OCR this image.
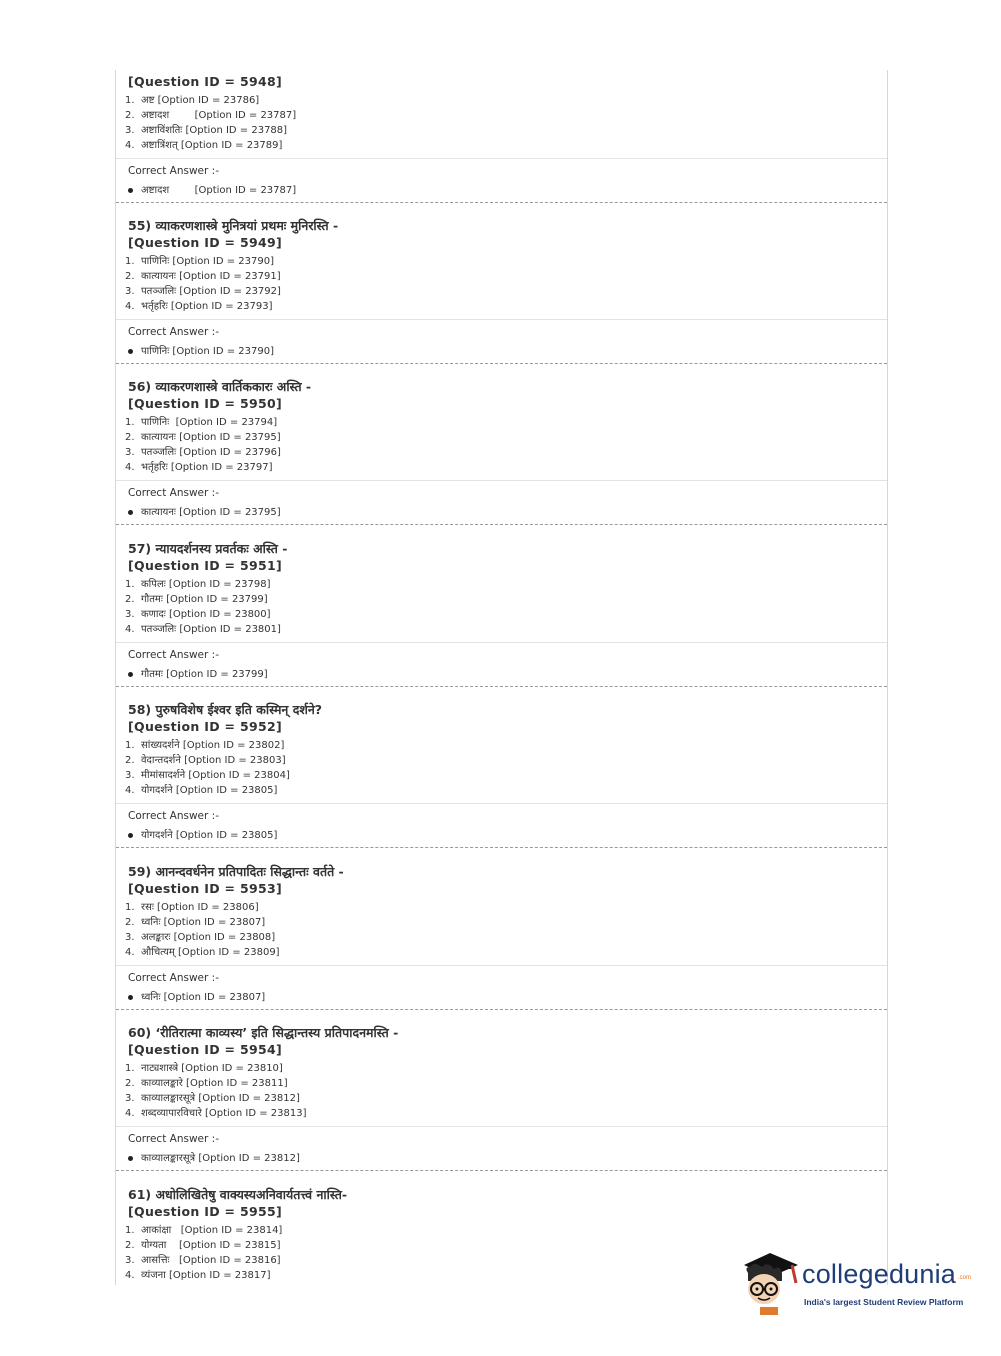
[Question ID = 5948]
1. अष्ट [Option ID = 23786]
2. अष्टादश        [Option ID = 23787]
3. अष्टाविंशतिः [Option ID = 23788]
4. अष्टात्रिंशत् [Option ID = 23789]
Correct Answer :-
अष्टादश        [Option ID = 23787]
55) व्याकरणशास्त्रे मुनित्रयां प्रथमः मुनिरस्ति -
[Question ID = 5949]
1. पाणिनिः [Option ID = 23790]
2. कात्यायनः [Option ID = 23791]
3. पतञ्जलिः [Option ID = 23792]
4. भर्तृहरिः [Option ID = 23793]
Correct Answer :-
पाणिनिः [Option ID = 23790]
56) व्याकरणशास्त्रे वार्तिककारः अस्ति -
[Question ID = 5950]
1. पाणिनिः  [Option ID = 23794]
2. कात्यायनः [Option ID = 23795]
3. पतञ्जलिः [Option ID = 23796]
4. भर्तृहरिः [Option ID = 23797]
Correct Answer :-
कात्यायनः [Option ID = 23795]
57) न्यायदर्शनस्य प्रवर्तकः अस्ति -
[Question ID = 5951]
1. कपिलः [Option ID = 23798]
2. गौतमः [Option ID = 23799]
3. कणादः [Option ID = 23800]
4. पतञ्जलिः [Option ID = 23801]
Correct Answer :-
गौतमः [Option ID = 23799]
58) पुरुषविशेष ईश्वर इति कस्मिन् दर्शने?
[Question ID = 5952]
1. सांख्यदर्शने [Option ID = 23802]
2. वेदान्तदर्शने [Option ID = 23803]
3. मीमांसादर्शने [Option ID = 23804]
4. योगदर्शने [Option ID = 23805]
Correct Answer :-
योगदर्शने [Option ID = 23805]
59) आनन्दवर्धनेन प्रतिपादितः सिद्धान्तः वर्तते -
[Question ID = 5953]
1. रसः [Option ID = 23806]
2. ध्वनिः [Option ID = 23807]
3. अलङ्कारः [Option ID = 23808]
4. औचित्यम् [Option ID = 23809]
Correct Answer :-
ध्वनिः [Option ID = 23807]
60) ‘रीतिरात्मा काव्यस्य’ इति सिद्धान्तस्य प्रतिपादनमस्ति -
[Question ID = 5954]
1. नाट्यशास्त्रे [Option ID = 23810]
2. काव्यालङ्कारे [Option ID = 23811]
3. काव्यालङ्कारसूत्रे [Option ID = 23812]
4. शब्दव्यापारविचारे [Option ID = 23813]
Correct Answer :-
काव्यालङ्कारसूत्रे [Option ID = 23812]
61) अधोलिखितेषु वाक्यस्यअनिवार्यतत्त्वं नास्ति-
[Question ID = 5955]
1. आकांक्षा   [Option ID = 23814]
2. योग्यता    [Option ID = 23815]
3. आसत्तिः   [Option ID = 23816]
4. व्यंजना [Option ID = 23817]	collegedunia .com
India's largest Student Review Platform
